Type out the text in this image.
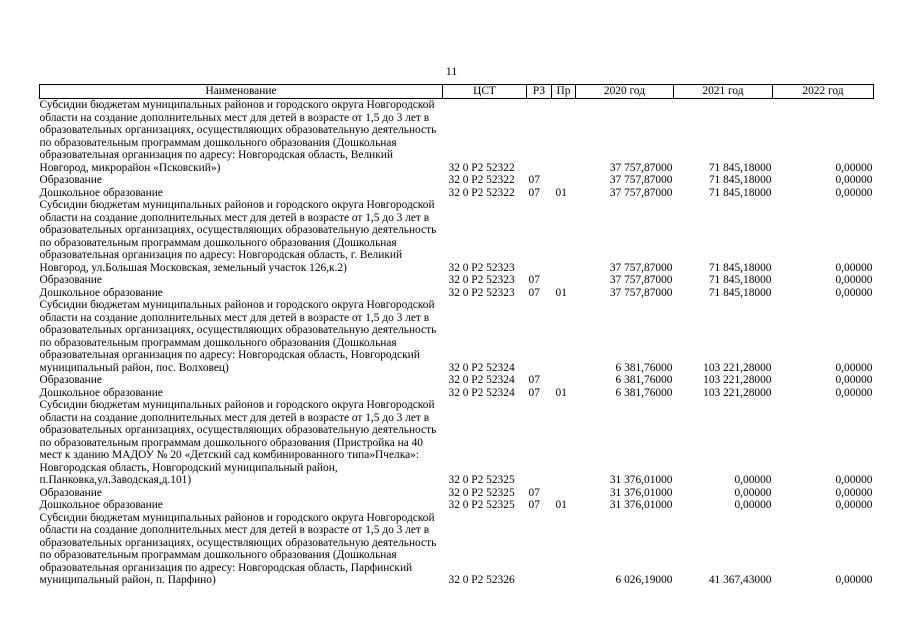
11
Наименование	ЦСТ	РЗ	Пр	2020 год	2021 год	2022 год
Субсидии бюджетам муниципальных районов и городского округа Новгородской области на создание дополнительных мест для детей в возрасте от 1,5 до 3 лет в образовательных организациях, осуществляющих образовательную деятельность по образовательным программам дошкольного образования (Дошкольная образовательная организация по адресу: Новгородская область, Великий Новгород, микрорайон «Псковский»)	32 0 P2 52322			37 757,87000	71 845,18000	0,00000
Образование	32 0 P2 52322	07		37 757,87000	71 845,18000	0,00000
Дошкольное образование	32 0 P2 52322	07	01	37 757,87000	71 845,18000	0,00000
Субсидии бюджетам муниципальных районов и городского округа Новгородской области на создание дополнительных мест для детей в возрасте от 1,5 до 3 лет в образовательных организациях, осуществляющих образовательную деятельность по образовательным программам дошкольного образования (Дошкольная образовательная организация по адресу: Новгородская область, г. Великий Новгород, ул.Большая Московская, земельный участок 126,к.2)	32 0 P2 52323			37 757,87000	71 845,18000	0,00000
Образование	32 0 P2 52323	07		37 757,87000	71 845,18000	0,00000
Дошкольное образование	32 0 P2 52323	07	01	37 757,87000	71 845,18000	0,00000
Субсидии бюджетам муниципальных районов и городского округа Новгородской области на создание дополнительных мест для детей в возрасте от 1,5 до 3 лет в образовательных организациях, осуществляющих образовательную деятельность по образовательным программам дошкольного образования (Дошкольная образовательная организация по адресу: Новгородская область, Новгородский муниципальный район, пос. Волховец)	32 0 P2 52324			6 381,76000	103 221,28000	0,00000
Образование	32 0 P2 52324	07		6 381,76000	103 221,28000	0,00000
Дошкольное образование	32 0 P2 52324	07	01	6 381,76000	103 221,28000	0,00000
Субсидии бюджетам муниципальных районов и городского округа Новгородской области на создание дополнительных мест для детей в возрасте от 1,5 до 3 лет в образовательных организациях, осуществляющих образовательную деятельность по образовательным программам дошкольного образования (Пристройка на 40 мест к зданию МАДОУ № 20 «Детский сад комбинированного типа»Пчелка»: Новгородская область, Новгородский муниципальный район, п.Панковка,ул.Заводская,д.101)	32 0 P2 52325			31 376,01000	0,00000	0,00000
Образование	32 0 P2 52325	07		31 376,01000	0,00000	0,00000
Дошкольное образование	32 0 P2 52325	07	01	31 376,01000	0,00000	0,00000
Субсидии бюджетам муниципальных районов и городского округа Новгородской области на создание дополнительных мест для детей в возрасте от 1,5 до 3 лет в образовательных организациях, осуществляющих образовательную деятельность по образовательным программам дошкольного образования (Дошкольная образовательная организация по адресу: Новгородская область, Парфинский муниципальный район, п. Парфино)	32 0 P2 52326			6 026,19000	41 367,43000	0,00000
